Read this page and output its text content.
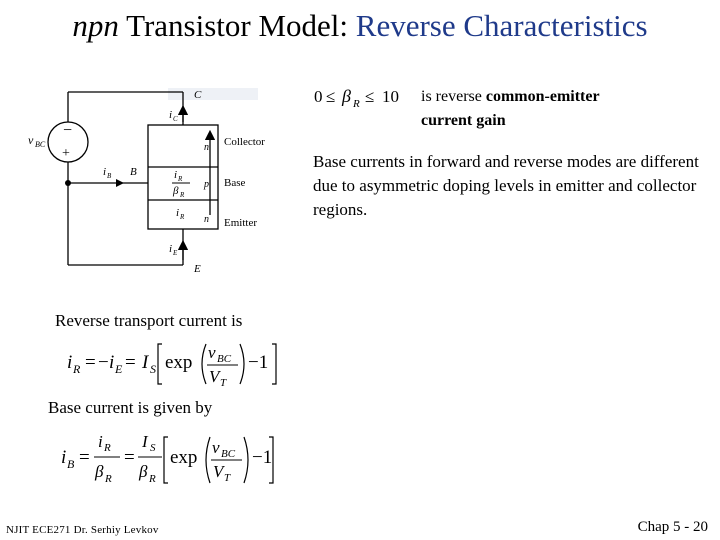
npn Transistor Model: Reverse Characteristics
0 ≤ β R ≤ 10 is reverse common-emitter
current gain
Base currents in forward and reverse modes are different due to asymmetric doping levels in emitter and collector regions.
−
+
v BC
C
B
E
i C
i B
i E
i R
β R
i R
n
p
n
Collector
Base
Emitter
Reverse transport current is
i R = − i E = I S exp v BC
V T
−1
Base current is given by
i B =
i R
β R
=
I S
β R
exp v BC
V T
−1
NJIT ECE271 Dr. Serhiy Levkov	Chap 5 - 20
